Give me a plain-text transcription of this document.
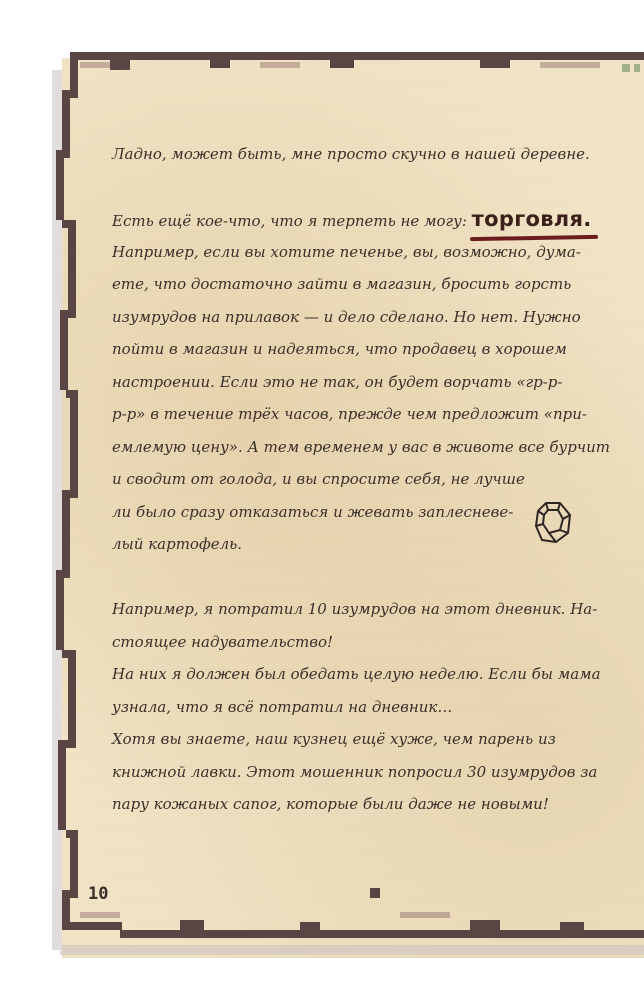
Ладно, может быть, мне просто скучно в нашей деревне.
Есть ещё кое-что, что я терпеть не могу: торговля.
Например, если вы хотите печенье, вы, возможно, дума-
ете, что достаточно зайти в магазин, бросить горсть
изумрудов на прилавок — и дело сделано. Но нет. Нужно
пойти в магазин и надеяться, что продавец в хорошем
настроении. Если это не так, он будет ворчать «гр-р-
р-р» в течение трёх часов, прежде чем предложит «при-
емлемую цену». А тем временем у вас в животе все бурчит
и сводит от голода, и вы спросите себя, не лучше
ли было сразу отказаться и жевать заплесневе-
лый картофель.
Например, я потратил 10 изумрудов на этот дневник. На-
стоящее надувательство!
На них я должен был обедать целую неделю. Если бы мама
узнала, что я всё потратил на дневник…
Хотя вы знаете, наш кузнец ещё хуже, чем парень из
книжной лавки. Этот мошенник попросил 30 изумрудов за
пару кожаных сапог, которые были даже не новыми!
10
